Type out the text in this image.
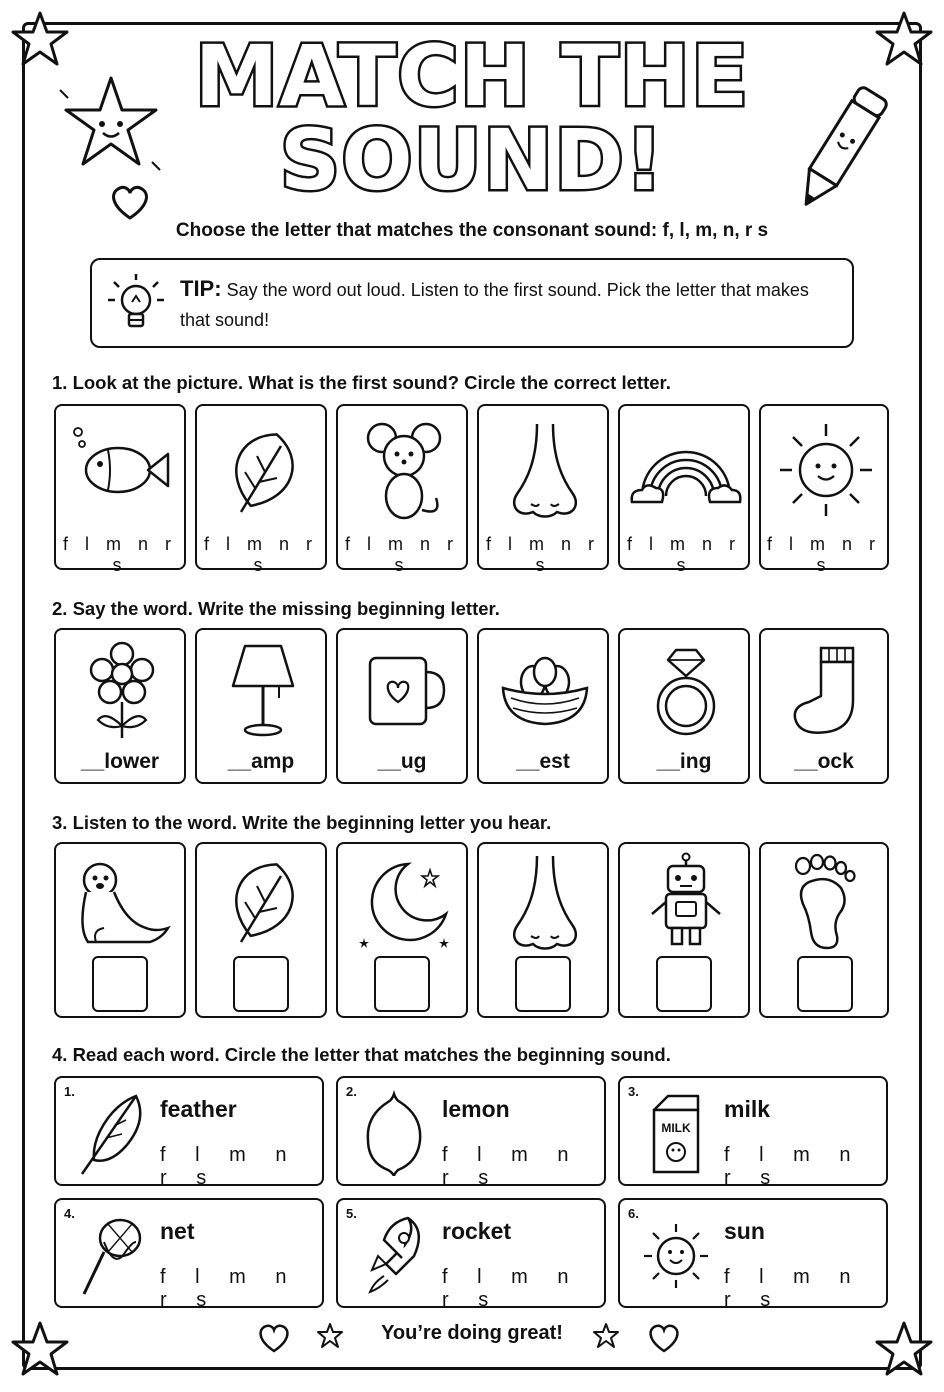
MATCH THE
SOUND!
Choose the letter that matches the consonant sound: f, l, m, n, r s
TIP: Say the word out loud. Listen to the first sound. Pick the letter that makes that sound!
1. Look at the picture. What is the first sound? Circle the correct letter.
f l m n r s
f l m n r s
f l m n r s
f l m n r s
f l m n r s
f l m n r s
2. Say the word. Write the missing beginning letter.
__lower	__amp	__ug	__est	__ing	__ock
3. Listen to the word. Write the beginning letter you hear.
4. Read each word. Circle the letter that matches the beginning sound.
1.
feather
f l m n r s
2.
lemon
f l m n r s
3.
MILK
milk
f l m n r s
4.
net
f l m n r s
5.
rocket
f l m n r s
6.
sun
f l m n r s
You’re doing great!
